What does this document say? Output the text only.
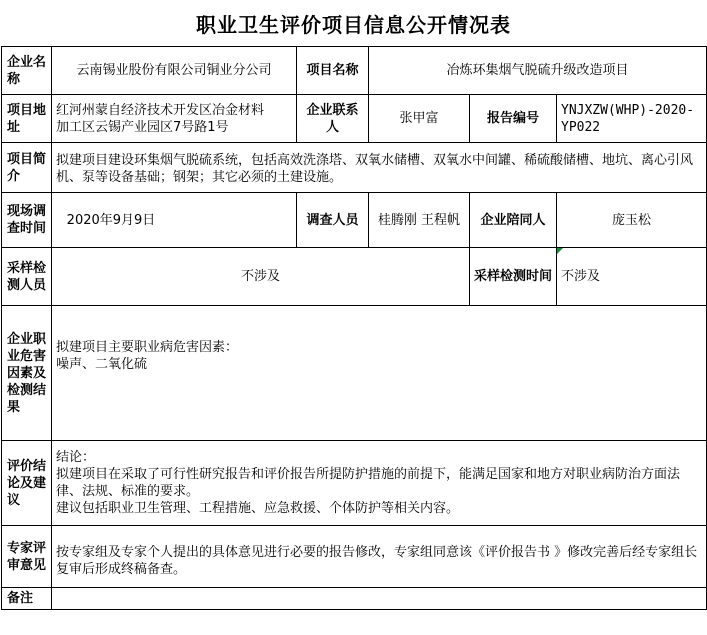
职业卫生评价项目信息公开情况表
企业名称	云南锡业股份有限公司铜业分公司	项目名称	冶炼环集烟气脱硫升级改造项目		
项目地址	红河州蒙自经济技术开发区冶金材料
加工区云锡产业园区7号路1号	企业联系人	张甲富	报告编号	YNJXZW(WHP)-2020-YP022
项目简介	拟建项目建设环集烟气脱硫系统，包括高效洗涤塔、双氧水储槽、双氧水中间罐、稀硫酸储槽、地坑、离心引风机、泵等设备基础；钢架；其它必须的土建设施。				
现场调查时间	2020年9月9日	调查人员	桂腾刚 王程帆	企业陪同人	庞玉松
采样检测人员	不涉及			采样检测时间	不涉及
企业职业危害因素及检测结果	拟建项目主要职业病危害因素：
噪声、二氧化硫				

评价结论及建议	结论：
拟建项目在采取了可行性研究报告和评价报告所提防护措施的前提下，能满足国家和地方对职业病防治方面法律、法规、标准的要求。
建议包括职业卫生管理、工程措施、应急救援、个体防护等相关内容。				

专家评审意见	按专家组及专家个人提出的具体意见进行必要的报告修改，专家组同意该《评价报告书 》修改完善后经专家组长复审后形成终稿备查。				
备注					
